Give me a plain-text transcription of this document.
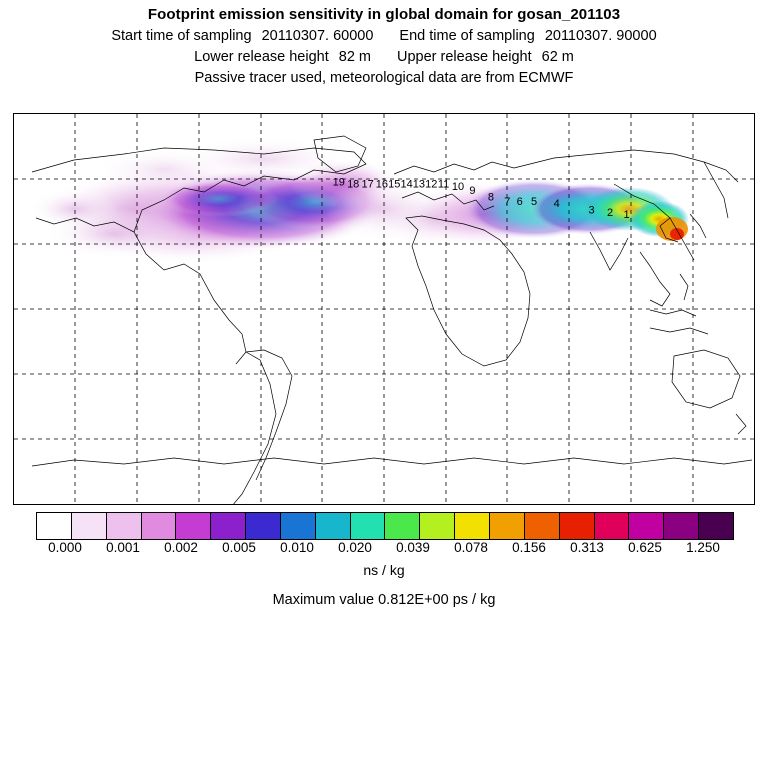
Footprint emission sensitivity in global domain for gosan_201103
Start time of sampling 20110307. 60000 End time of sampling 20110307. 90000
Lower release height 82 m Upper release height 62 m
Passive tracer used, meteorological data are from ECMWF
19 18 17 16 15 14 13 12 11 10 9
8 7 6 5 4
3 2 1
0.000 0.001 0.002 0.005 0.010 0.020 0.039 0.078 0.156 0.313 0.625 1.250
ns / kg
Maximum value 0.812E+00 ps / kg
